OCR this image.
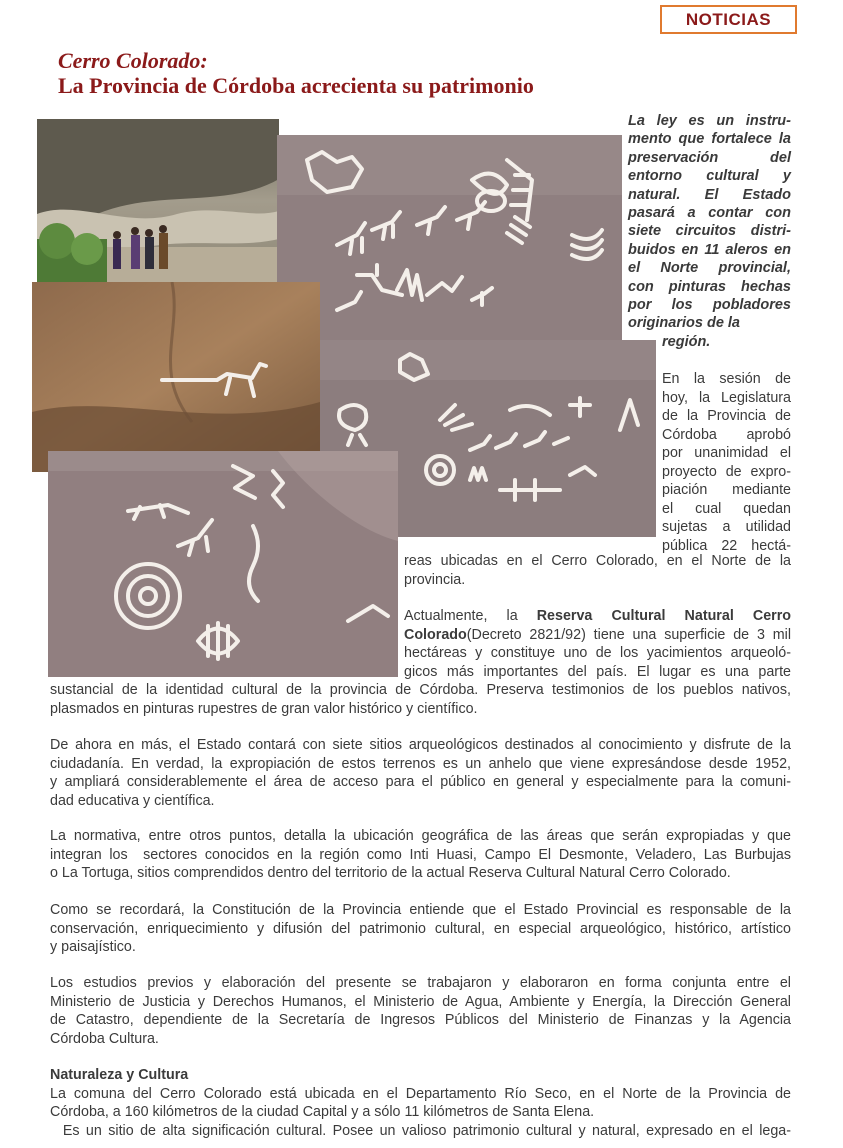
NOTICIAS
Cerro Colorado:
La Provincia de Córdoba acrecienta su patrimonio
La ley es un instru-
mento que fortalece la
preservación del
entorno cultural y
natural. El Estado
pasará a contar con
siete circuitos distri-
buidos en 11 aleros en
el Norte provincial,
con pinturas hechas
por los pobladores
originarios de la
región.
En la sesión de
hoy, la Legislatura
de la Provincia de
Córdoba aprobó
por unanimidad el
proyecto de expro-
piación mediante
el cual quedan
sujetas a utilidad
pública 22 hectá-
reas ubicadas en el Cerro Colorado, en el Norte de la
provincia.
Actualmente, la Reserva Cultural Natural Cerro
Colorado(Decreto 2821/92) tiene una superficie de 3 mil
hectáreas y constituye uno de los yacimientos arqueoló-
gicos más importantes del país. El lugar es una parte
sustancial de la identidad cultural de la provincia de Córdoba. Preserva testimonios de los pueblos nativos,
plasmados en pinturas rupestres de gran valor histórico y científico.
De ahora en más, el Estado contará con siete sitios arqueológicos destinados al conocimiento y disfrute de la
ciudadanía. En verdad, la expropiación de estos terrenos es un anhelo que viene expresándose desde 1952,
y ampliará considerablemente el área de acceso para el público en general y especialmente para la comuni-
dad educativa y científica.
La normativa, entre otros puntos, detalla la ubicación geográfica de las áreas que serán expropiadas y que
integran los  sectores conocidos en la región como Inti Huasi, Campo El Desmonte, Veladero, Las Burbujas
o La Tortuga, sitios comprendidos dentro del territorio de la actual Reserva Cultural Natural Cerro Colorado.
Como se recordará, la Constitución de la Provincia entiende que el Estado Provincial es responsable de la
conservación, enriquecimiento y difusión del patrimonio cultural, en especial arqueológico, histórico, artístico
y paisajístico.
Los estudios previos y elaboración del presente se trabajaron y elaboraron en forma conjunta entre el
Ministerio de Justicia y Derechos Humanos, el Ministerio de Agua, Ambiente y Energía, la Dirección General
de Catastro, dependiente de la Secretaría de Ingresos Públicos del Ministerio de Finanzas y la Agencia
Córdoba Cultura.
Naturaleza y Cultura
La comuna del Cerro Colorado está ubicada en el Departamento Río Seco, en el Norte de la Provincia de
Córdoba, a 160 kilómetros de la ciudad Capital y a sólo 11 kilómetros de Santa Elena.
Es un sitio de alta significación cultural. Posee un valioso patrimonio cultural y natural, expresado en el lega-
